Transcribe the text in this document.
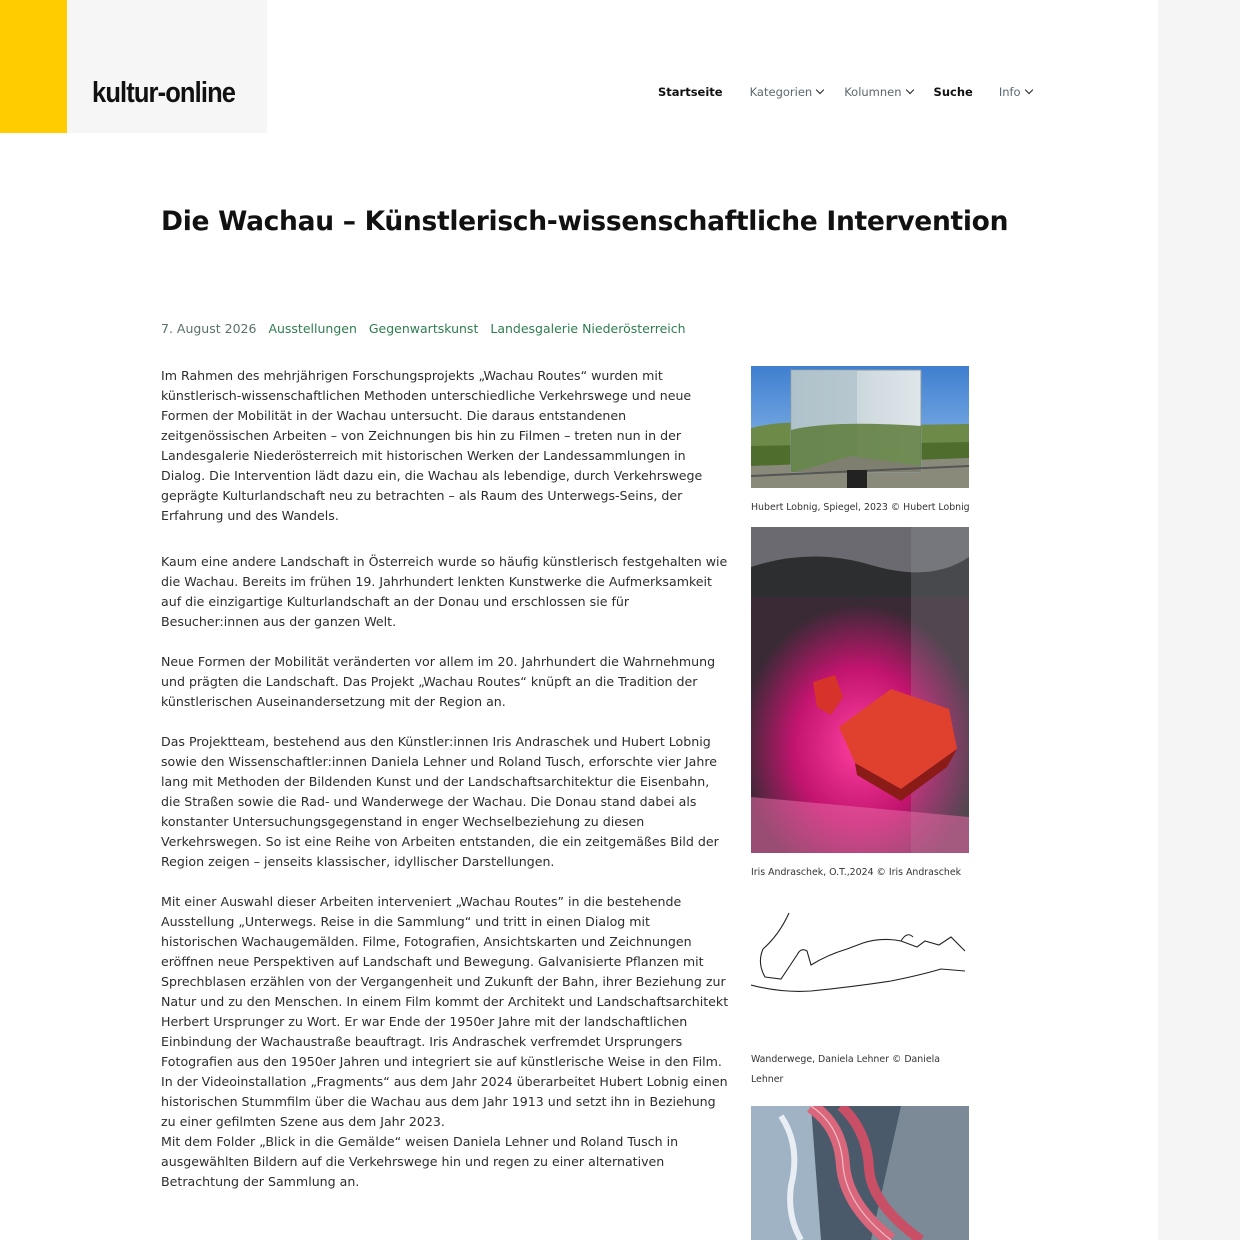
kultur-online	Startseite Kategorien	Kolumnen	Suche Info
Die Wachau – Künstlerisch-wissenschaftliche Intervention
7. August 2026 Ausstellungen Gegenwartskunst Landesgalerie Niederösterreich

Im Rahmen des mehrjährigen Forschungsprojekts „Wachau Routes“ wurden mit künstlerisch-wissenschaftlichen Methoden unterschiedliche Verkehrswege und neue Formen der Mobilität in der Wachau untersucht. Die daraus entstandenen zeitgenössischen Arbeiten – von Zeichnungen bis hin zu Filmen – treten nun in der Landesgalerie Niederösterreich mit historischen Werken der Landessammlungen in Dialog. Die Intervention lädt dazu ein, die Wachau als lebendige, durch Verkehrswege geprägte Kulturlandschaft neu zu betrachten – als Raum des Unterwegs-Seins, der Erfahrung und des Wandels.

Kaum eine andere Landschaft in Österreich wurde so häufig künstlerisch festgehalten wie die Wachau. Bereits im frühen 19. Jahrhundert lenkten Kunstwerke die Aufmerksamkeit auf die einzigartige Kulturlandschaft an der Donau und erschlossen sie für Besucher:innen aus der ganzen Welt.

Neue Formen der Mobilität veränderten vor allem im 20. Jahrhundert die Wahrnehmung und prägten die Landschaft. Das Projekt „Wachau Routes“ knüpft an die Tradition der künstlerischen Auseinandersetzung mit der Region an.

Das Projektteam, bestehend aus den Künstler:innen Iris Andraschek und Hubert Lobnig sowie den Wissenschaftler:innen Daniela Lehner und Roland Tusch, erforschte vier Jahre lang mit Methoden der Bildenden Kunst und der Landschaftsarchitektur die Eisenbahn, die Straßen sowie die Rad- und Wanderwege der Wachau. Die Donau stand dabei als konstanter Untersuchungsgegenstand in enger Wechselbeziehung zu diesen Verkehrswegen. So ist eine Reihe von Arbeiten entstanden, die ein zeitgemäßes Bild der Region zeigen – jenseits klassischer, idyllischer Darstellungen.

Mit einer Auswahl dieser Arbeiten interveniert „Wachau Routes” in die bestehende Ausstellung „Unterwegs. Reise in die Sammlung“ und tritt in einen Dialog mit historischen Wachaugemälden. Filme, Fotografien, Ansichtskarten und Zeichnungen eröffnen neue Perspektiven auf Landschaft und Bewegung. Galvanisierte Pflanzen mit Sprechblasen erzählen von der Vergangenheit und Zukunft der Bahn, ihrer Beziehung zur Natur und zu den Menschen. In einem Film kommt der Architekt und Landschaftsarchitekt Herbert Ursprunger zu Wort. Er war Ende der 1950er Jahre mit der landschaftlichen Einbindung der Wachaustraße beauftragt. Iris Andraschek verfremdet Ursprungers Fotografien aus den 1950er Jahren und integriert sie auf künstlerische Weise in den Film. In der Videoinstallation „Fragments“ aus dem Jahr 2024 überarbeitet Hubert Lobnig einen historischen Stummfilm über die Wachau aus dem Jahr 1913 und setzt ihn in Beziehung zu einer gefilmten Szene aus dem Jahr 2023.

Mit dem Folder „Blick in die Gemälde“ weisen Daniela Lehner und Roland Tusch in ausgewählten Bildern auf die Verkehrswege hin und regen zu einer alternativen Betrachtung der Sammlung an.

Hubert Lobnig, Spiegel, 2023 © Hubert Lobnig
Iris Andraschek, O.T.,2024 © Iris Andraschek
Wanderwege, Daniela Lehner © Daniela Lehner
